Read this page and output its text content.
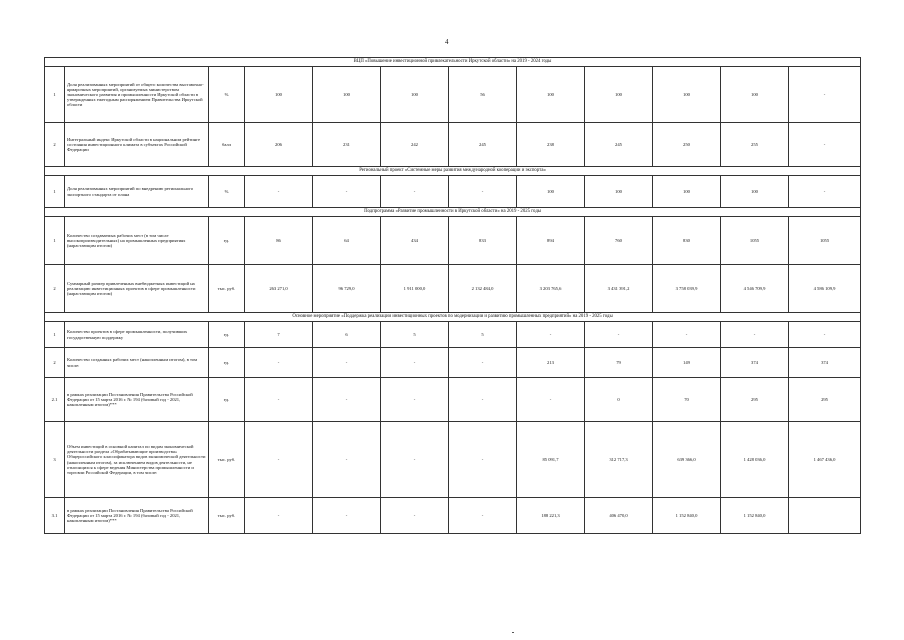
4
ВЦП «Повышение инвестиционной привлекательности Иркутской области» на 2019 - 2024 годы											
1	Доля реализованных мероприятий от общего количества выставочно-ярмарочных мероприятий, организуемых министерством экономического развития и промышленности Иркутской области в утвержденных ежегодным распоряжением Правительства Иркутской области	%	100	100	100	56	100	100	100	100	-
2	Интегральный индекс Иркутской области в национальном рейтинге состояния инвестиционного климата в субъектах Российской Федерации	балл	206	231	242	245	238	245	250	255	-
Региональный проект «Системные меры развития международной кооперации и экспорта»											
1	Доля реализованных мероприятий по внедрению регионального экспортного стандарта от плана	%	-	-	-	-	100	100	100	100	-
Подпрограмма «Развитие промышленности в Иркутской области» на 2019 - 2025 годы											
1	Количество создаваемых рабочих мест (в том числе высокопроизводительных) на промышленных предприятиях (нарастающим итогом)	ед.	86	64	434	833	894	760	830	1055	1055
2	Суммарный размер привлеченных внебюджетных инвестиций на реализацию инвестиционных проектов в сфере промышленности (нарастающим итогом)	тыс. руб.	263 271,0	96 729,0	1 911 000,0	2 132 484,0	3 203 765,6	3 431 391,2	3 758 039,9	4 546 709,9	4 586 109,9
Основное мероприятие «Поддержка реализации инвестиционных проектов по модернизации и развитию промышленных предприятий» на 2019 - 2025 годы											
1	Количество проектов в сфере промышленности, получивших государственную поддержку	ед.	7	6	5	5	-	-	-	-	-
2	Количество созданных рабочих мест (накопленным итогом), в том числе:	ед.	-	-	-	-	213	79	149	374	374
2.1	в рамках реализации Постановления Правительства Российской Федерации от 15 марта 2016 г. № 194 (базовый год - 2021, накопленным итогом)***	ед.	-	-	-	-	-	0	70	295	295
3	Объем инвестиций в основной капитал по видам экономической деятельности раздела «Обрабатывающие производства» Общероссийского классификатора видов экономической деятельности (накопленным итогом), за исключением видов деятельности, не относящихся к сфере ведения Министерства промышленности и торговли Российской Федерации, в том числе:	тыс. руб.	-	-	-	-	85 091,7	312 717,3	639 366,0	1 428 036,0	1 467 436,0
3.1	в рамках реализации Постановления Правительства Российской Федерации от 15 марта 2016 г. № 194 (базовый год - 2021, накопленным итогом)***	тыс. руб.	-	-	-	-	188 221,3	406 470,0	1 152 840,0	1 152 840,0	
